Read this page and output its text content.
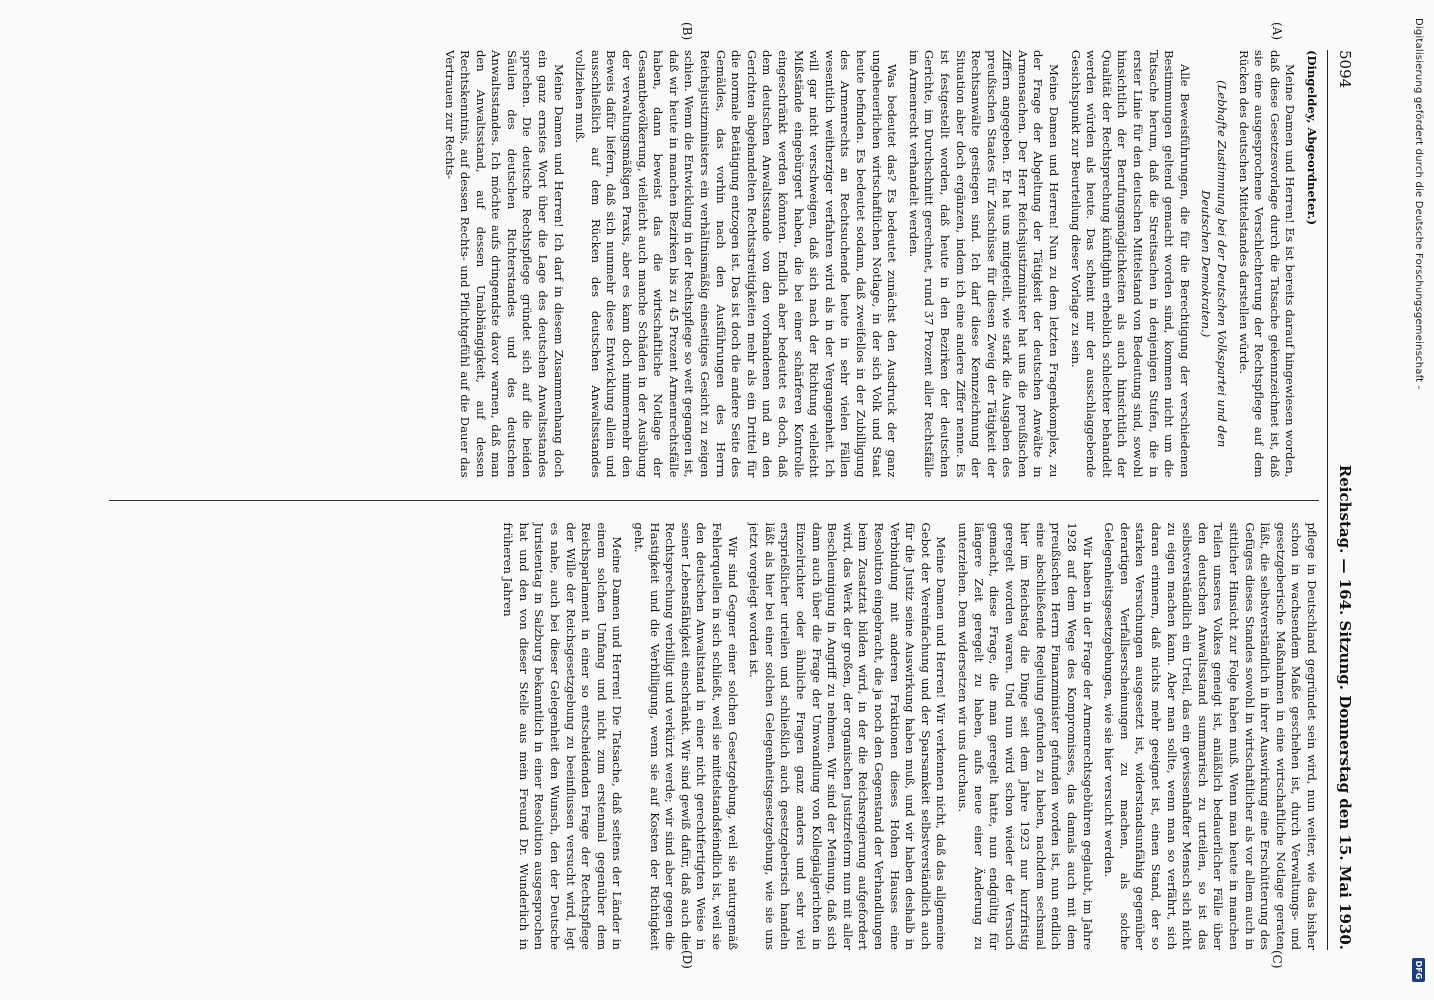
Digitalisierung gefördert durch die Deutsche Forschungsgemeinschaft -
DFG
5094
Reichstag. — 164. Sitzung. Donnerstag den 15. Mai 1930.

(Dingeldey, Abgeordneter.)

Meine Damen und Herren! Es ist bereits darauf hingewiesen worden, daß diese Gesetzesvorlage durch die Tatsache gekennzeichnet ist, daß sie eine ausgesprochene Verschlechterung der Rechtspflege auf dem Rücken des deutschen Mittelstandes darstellen würde.

(Lebhafte Zustimmung bei der Deutschen Volkspartei und den Deutschen Demokraten.)

Alle Beweisführungen, die für die Berechtigung der verschiedenen Bestimmungen geltend gemacht worden sind, kommen nicht um die Tatsache herum, daß die Streitsachen in denjenigen Stufen, die in erster Linie für den deutschen Mittelstand von Bedeutung sind, sowohl hinsichtlich der Berufungsmöglichkeiten als auch hinsichtlich der Qualität der Rechtsprechung künftighin erheblich schlechter behandelt werden würden als heute. Das scheint mir der ausschlaggebende Gesichtspunkt zur Beurteilung dieser Vorlage zu sein.

Meine Damen und Herren! Nun zu dem letzten Fragenkomplex, zu der Frage der Abgeltung der Tätigkeit der deutschen Anwälte in Armensachen. Der Herr Reichsjustizminister hat uns die preußischen Ziffern angegeben. Er hat uns mitgeteilt, wie stark die Ausgaben des preußischen Staates für Zuschüsse für diesen Zweig der Tätigkeit der Rechtsanwälte gestiegen sind. Ich darf diese Kennzeichnung der Situation aber doch ergänzen, indem ich eine andere Ziffer nenne. Es ist festgestellt worden, daß heute in den Bezirken der deutschen Gerichte, im Durchschnitt gerechnet, rund 37 Prozent aller Rechtsfälle im Armenrecht verhandelt werden.

Was bedeutet das? Es bedeutet zunächst den Ausdruck der ganz ungeheuerlichen wirtschaftlichen Notlage, in der sich Volk und Staat heute befinden. Es bedeutet sodann, daß zweifellos in der Zubilligung des Armenrechts an Rechtsuchende heute in sehr vielen Fällen wesentlich weitherziger verfahren wird als in der Vergangenheit. Ich will gar nicht verschweigen, daß sich nach der Richtung vielleicht Mißstände eingebürgert haben, die bei einer schärferen Kontrolle eingeschränkt werden könnten. Endlich aber bedeutet es doch, daß dem deutschen Anwaltsstande von den vorhandenen und an den Gerichten abgehandelten Rechtsstreitigkeiten mehr als ein Drittel für die normale Betätigung entzogen ist. Das ist doch die andere Seite des Gemäldes, das vorhin nach den Ausführungen des Herrn Reichsjustizministers ein verhältnismäßig einseitiges Gesicht zu zeigen schien. Wenn die Entwicklung in der Rechtspflege so weit gegangen ist, daß wir heute in manchen Bezirken bis zu 45 Prozent Armenrechtsfälle haben, dann beweist das die wirtschaftliche Notlage der Gesamtbevölkerung, vielleicht auch manche Schäden in der Ausübung der verwaltungsmäßigen Praxis, aber es kann doch nimmermehr den Beweis dafür liefern, daß sich nunmehr diese Entwicklung allein und ausschließlich auf dem Rücken des deutschen Anwaltsstandes vollziehen muß.

Meine Damen und Herren! Ich darf in diesem Zusammenhang doch ein ganz ernstes Wort über die Lage des deutschen Anwaltsstandes sprechen. Die deutsche Rechtspflege gründet sich auf die beiden Säulen des deutschen Richterstandes und des deutschen Anwaltsstandes. Ich möchte aufs dringendste davor warnen, daß man den Anwaltsstand, auf dessen Unabhängigkeit, auf dessen Rechtskenntnis, auf dessen Rechts- und Pflichtgefühl auf die Dauer das Vertrauen zur Rechts-

pflege in Deutschland gegründet sein wird, nun weiter, wie das bisher schon in wachsendem Maße geschehen ist, durch Verwaltungs- und gesetzgeberische Maßnahmen in eine wirtschaftliche Notlage geraten läßt, die selbstverständlich in ihrer Auswirkung eine Erschütterung des Gefüges dieses Standes sowohl in wirtschaftlicher als vor allem auch in sittlicher Hinsicht zur Folge haben muß. Wenn man heute in manchen Teilen unseres Volkes geneigt ist, anläßlich bedauerlicher Fälle über den deutschen Anwaltsstand summarisch zu urteilen, so ist das selbstverständlich ein Urteil, das ein gewissenhafter Mensch sich nicht zu eigen machen kann. Aber man sollte, wenn man so verfährt, sich daran erinnern, daß nichts mehr geeignet ist, einen Stand, der so starken Versuchungen ausgesetzt ist, widerstandsunfähig gegenüber derartigen Verfallserscheinungen zu machen, als solche Gelegenheitsgesetzgebungen, wie sie hier versucht werden.

Wir haben in der Frage der Armenrechtsgebühren geglaubt, im Jahre 1928 auf dem Wege des Kompromisses, das damals auch mit dem preußischen Herrn Finanzminister gefunden worden ist, nun endlich eine abschließende Regelung gefunden zu haben, nachdem sechsmal hier im Reichstag die Dinge seit dem Jahre 1923 nur kurzfristig geregelt worden waren. Und nun wird schon wieder der Versuch gemacht, diese Frage, die man geregelt hatte, nun endgültig für längere Zeit geregelt zu haben, aufs neue einer Änderung zu unterziehen. Dem widersetzen wir uns durchaus.

Meine Damen und Herren! Wir verkennen nicht, daß das allgemeine Gebot der Vereinfachung und der Sparsamkeit selbstverständlich auch für die Justiz seine Auswirkung haben muß, und wir haben deshalb in Verbindung mit anderen Fraktionen dieses Hohen Hauses eine Resolution eingebracht, die ja noch den Gegenstand der Verhandlungen beim Zusatztat bilden wird, in der die Reichsregierung aufgefordert wird, das Werk der großen, der organischen Justizreform nun mit aller Beschleunigung in Angriff zu nehmen. Wir sind der Meinung, daß sich dann auch über die Frage der Umwandlung von Kollegialgerichten in Einzelrichter oder ähnliche Fragen ganz anders und sehr viel ersprießlicher urteilen und schließlich auch gesetzgeberisch handeln läßt als hier bei einer solchen Gelegenheitsgesetzgebung, wie sie uns jetzt vorgelegt worden ist.

Wir sind Gegner einer solchen Gesetzgebung, weil sie naturgemäß Fehlerquellen in sich schließt, weil sie mittelstandsfeindlich ist, weil sie den deutschen Anwaltstand in einer nicht gerechtfertigten Weise in seiner Lebensfähigkeit einschränkt. Wir sind gewiß dafür, daß auch die Rechtsprechung verbilligt und verkürzt werde; wir sind aber gegen die Hastigkeit und die Verbilligung, wenn sie auf Kosten der Richtigkeit geht.

Meine Damen und Herren! Die Tatsache, daß seitens der Länder in einem solchen Umfang und nicht zum erstenmal gegenüber dem Reichsparlament in einer so entscheidenden Frage der Rechtspflege der Wille der Reichsgesetzgebung zu beeinflussen versucht wird, legt es nahe, auch bei dieser Gelegenheit den Wunsch, den der Deutsche Juristentag in Salzburg bekanntlich in einer Resolution ausgesprochen hat und den von dieser Stelle aus mein Freund Dr. Wunderlich in früheren Jahren

(A)
(B)
(C)
(D)
